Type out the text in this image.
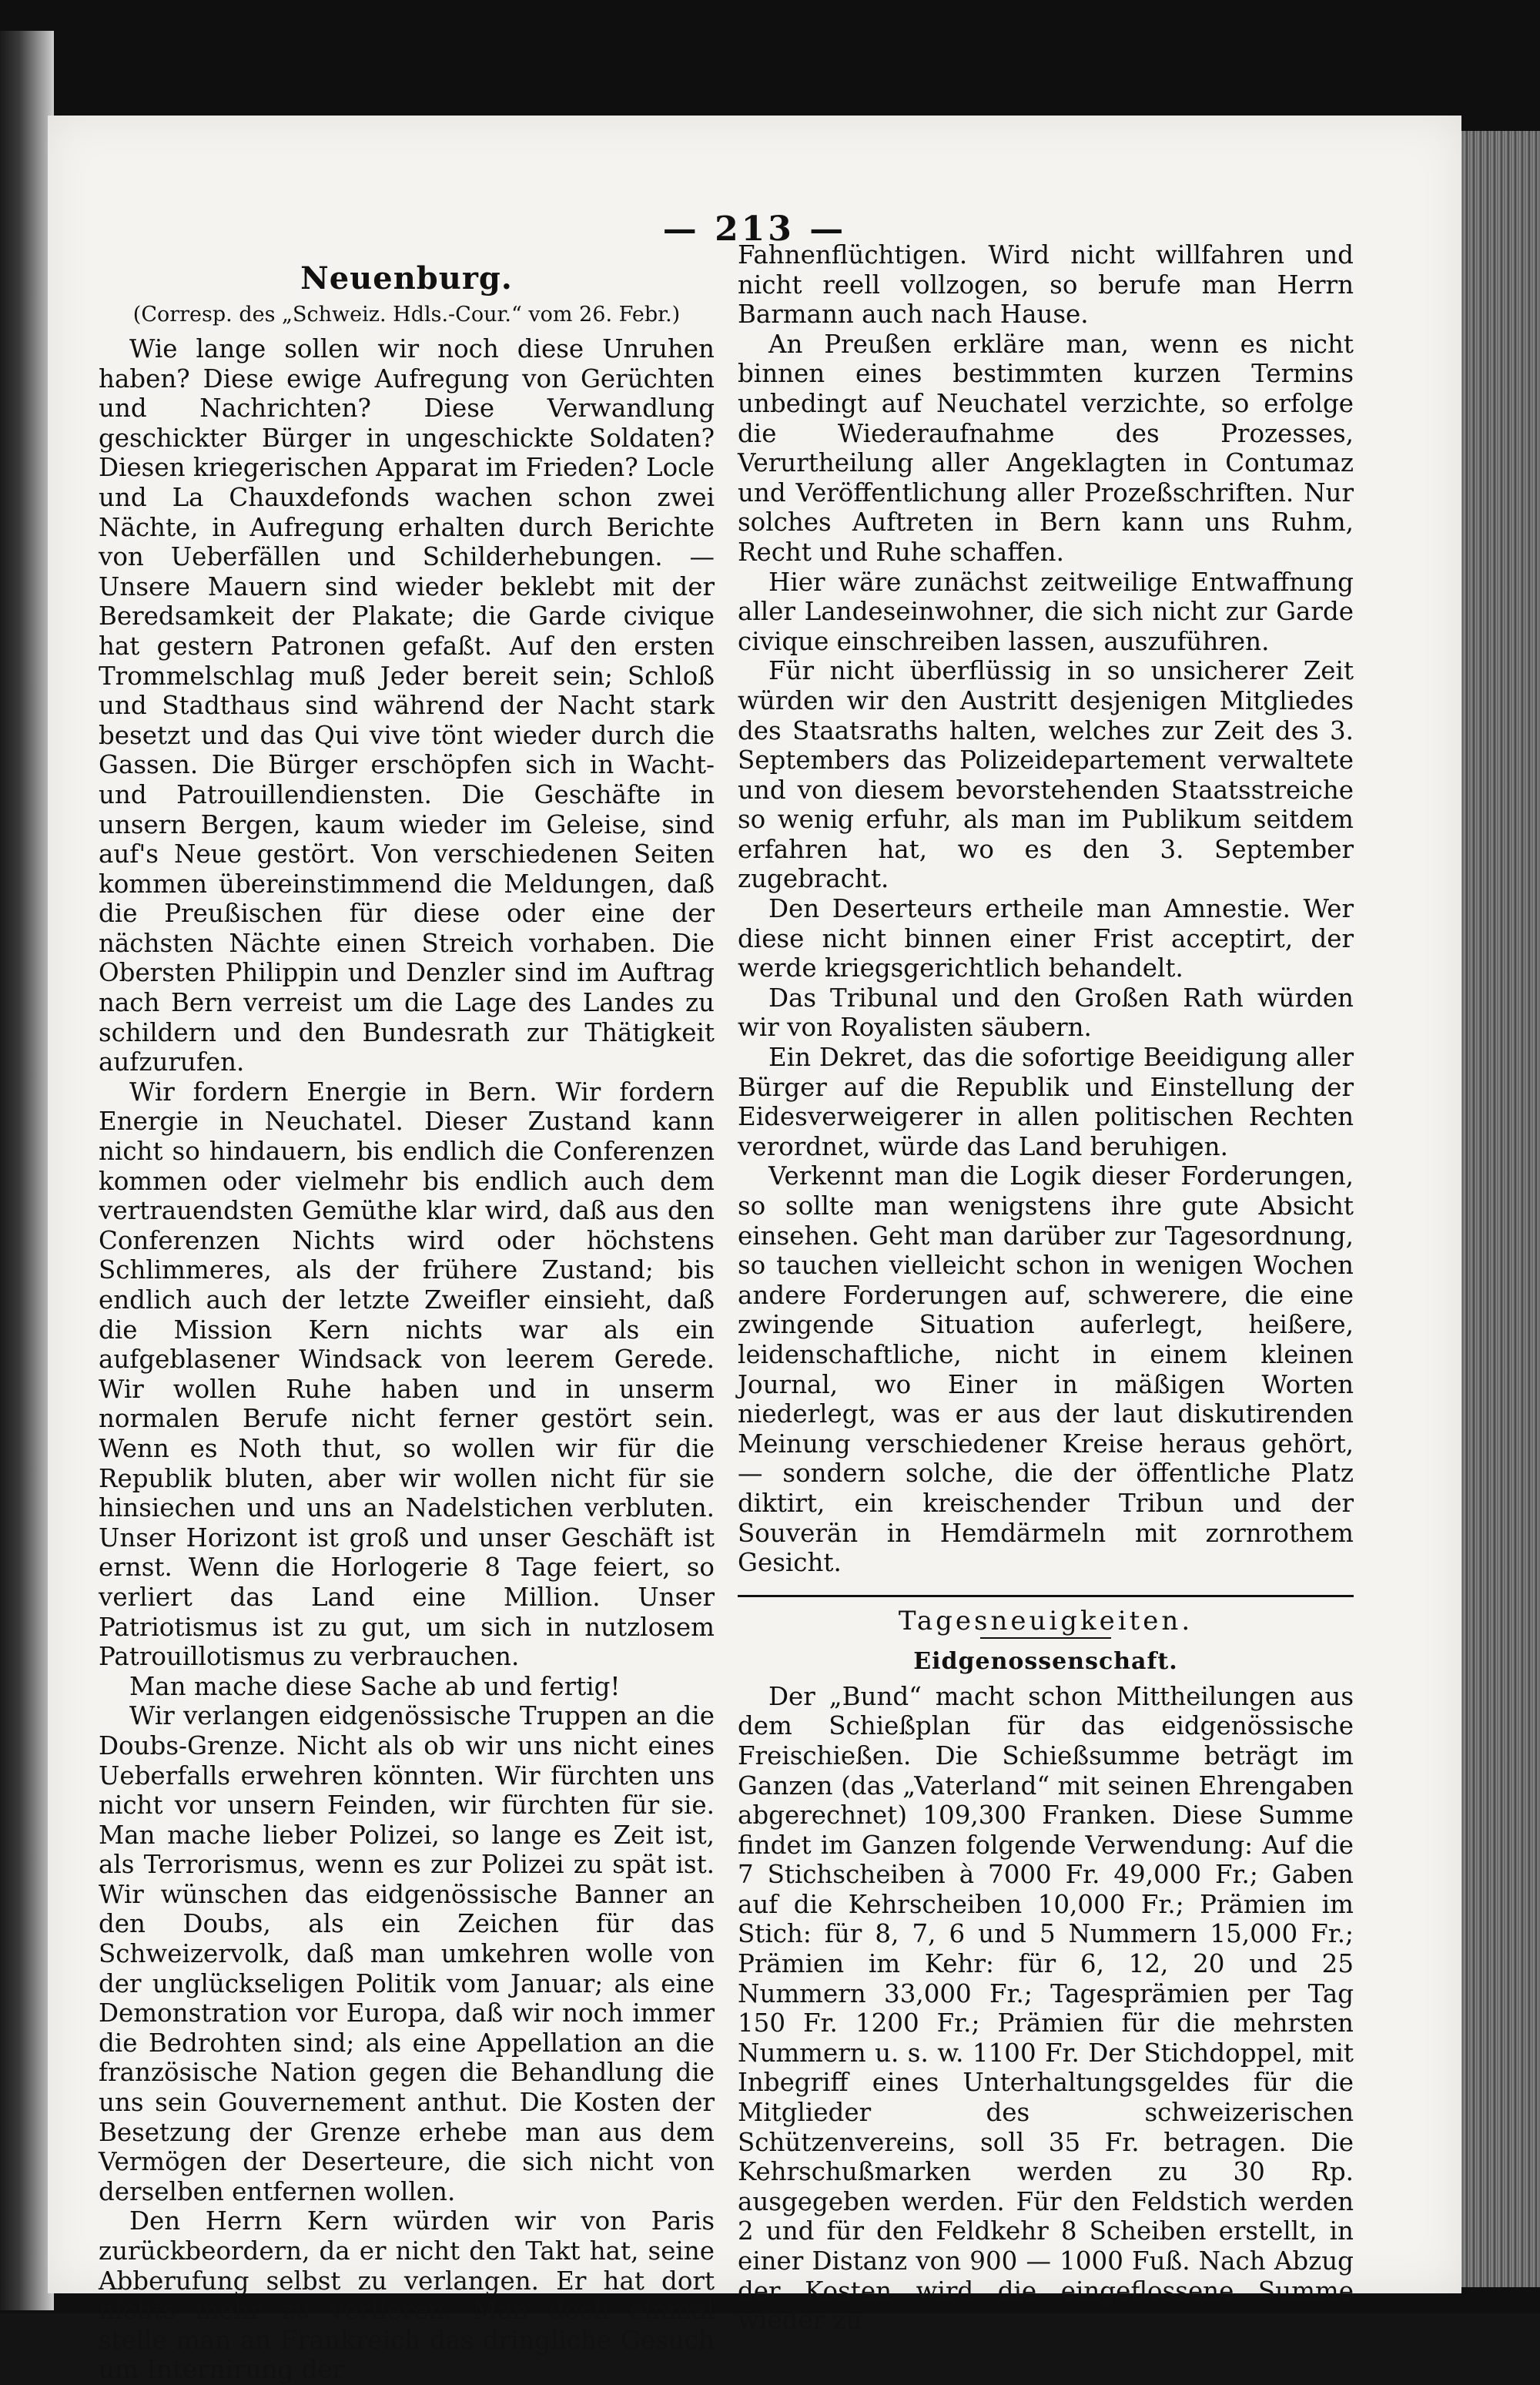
— 213 —
Neuenburg.
(Corresp. des „Schweiz. Hdls.-Cour.“ vom 26. Febr.)

Wie lange sollen wir noch diese Unruhen haben? Diese ewige Aufregung von Gerüchten und Nachrichten? Diese Verwandlung geschickter Bürger in ungeschickte Soldaten? Diesen kriegerischen Apparat im Frieden? Locle und La Chauxdefonds wachen schon zwei Nächte, in Aufregung erhalten durch Berichte von Ueberfällen und Schilderhebungen. — Unsere Mauern sind wieder beklebt mit der Beredsamkeit der Plakate; die Garde civique hat gestern Patronen gefaßt. Auf den ersten Trommelschlag muß Jeder bereit sein; Schloß und Stadthaus sind während der Nacht stark besetzt und das Qui vive tönt wieder durch die Gassen. Die Bürger erschöpfen sich in Wacht- und Patrouillendiensten. Die Geschäfte in unsern Bergen, kaum wieder im Geleise, sind auf's Neue gestört. Von verschiedenen Seiten kommen übereinstimmend die Meldungen, daß die Preußischen für diese oder eine der nächsten Nächte einen Streich vorhaben. Die Obersten Philippin und Denzler sind im Auftrag nach Bern verreist um die Lage des Landes zu schildern und den Bundesrath zur Thätigkeit aufzurufen.

Wir fordern Energie in Bern. Wir fordern Energie in Neuchatel. Dieser Zustand kann nicht so hindauern, bis endlich die Conferenzen kommen oder vielmehr bis endlich auch dem vertrauendsten Gemüthe klar wird, daß aus den Conferenzen Nichts wird oder höchstens Schlimmeres, als der frühere Zustand; bis endlich auch der letzte Zweifler einsieht, daß die Mission Kern nichts war als ein aufgeblasener Windsack von leerem Gerede. Wir wollen Ruhe haben und in unserm normalen Berufe nicht ferner gestört sein. Wenn es Noth thut, so wollen wir für die Republik bluten, aber wir wollen nicht für sie hinsiechen und uns an Nadelstichen verbluten. Unser Horizont ist groß und unser Geschäft ist ernst. Wenn die Horlogerie 8 Tage feiert, so verliert das Land eine Million. Unser Patriotismus ist zu gut, um sich in nutzlosem Patrouillotismus zu verbrauchen.

Man mache diese Sache ab und fertig!

Wir verlangen eidgenössische Truppen an die Doubs-Grenze. Nicht als ob wir uns nicht eines Ueberfalls erwehren könnten. Wir fürchten uns nicht vor unsern Feinden, wir fürchten für sie. Man mache lieber Polizei, so lange es Zeit ist, als Terrorismus, wenn es zur Polizei zu spät ist. Wir wünschen das eidgenössische Banner an den Doubs, als ein Zeichen für das Schweizervolk, daß man umkehren wolle von der unglückseligen Politik vom Januar; als eine Demonstration vor Europa, daß wir noch immer die Bedrohten sind; als eine Appellation an die französische Nation gegen die Behandlung die uns sein Gouvernement anthut. Die Kosten der Besetzung der Grenze erhebe man aus dem Vermögen der Deserteure, die sich nicht von derselben entfernen wollen.

Den Herrn Kern würden wir von Paris zurückbeordern, da er nicht den Takt hat, seine Abberufung selbst zu verlangen. Er hat dort nichts mehr zu verlieren. Man doch einmal stelle man an Frankreich das dringliche Gesuch um Internirung der

Fahnenflüchtigen. Wird nicht willfahren und nicht reell vollzogen, so berufe man Herrn Barmann auch nach Hause.

An Preußen erkläre man, wenn es nicht binnen eines bestimmten kurzen Termins unbedingt auf Neuchatel verzichte, so erfolge die Wiederaufnahme des Prozesses, Verurtheilung aller Angeklagten in Contumaz und Veröffentlichung aller Prozeßschriften. Nur solches Auftreten in Bern kann uns Ruhm, Recht und Ruhe schaffen.

Hier wäre zunächst zeitweilige Entwaffnung aller Landeseinwohner, die sich nicht zur Garde civique einschreiben lassen, auszuführen.

Für nicht überflüssig in so unsicherer Zeit würden wir den Austritt desjenigen Mitgliedes des Staatsraths halten, welches zur Zeit des 3. Septembers das Polizeidepartement verwaltete und von diesem bevorstehenden Staatsstreiche so wenig erfuhr, als man im Publikum seitdem erfahren hat, wo es den 3. September zugebracht.

Den Deserteurs ertheile man Amnestie. Wer diese nicht binnen einer Frist acceptirt, der werde kriegsgerichtlich behandelt.

Das Tribunal und den Großen Rath würden wir von Royalisten säubern.

Ein Dekret, das die sofortige Beeidigung aller Bürger auf die Republik und Einstellung der Eidesverweigerer in allen politischen Rechten verordnet, würde das Land beruhigen.

Verkennt man die Logik dieser Forderungen, so sollte man wenigstens ihre gute Absicht einsehen. Geht man darüber zur Tagesordnung, so tauchen vielleicht schon in wenigen Wochen andere Forderungen auf, schwerere, die eine zwingende Situation auferlegt, heißere, leidenschaftliche, nicht in einem kleinen Journal, wo Einer in mäßigen Worten niederlegt, was er aus der laut diskutirenden Meinung verschiedener Kreise heraus gehört, — sondern solche, die der öffentliche Platz diktirt, ein kreischender Tribun und der Souverän in Hemdärmeln mit zornrothem Gesicht.

Tagesneuigkeiten.
Eidgenossenschaft.

Der „Bund“ macht schon Mittheilungen aus dem Schießplan für das eidgenössische Freischießen. Die Schießsumme beträgt im Ganzen (das „Vaterland“ mit seinen Ehrengaben abgerechnet) 109,300 Franken. Diese Summe findet im Ganzen folgende Verwendung: Auf die 7 Stichscheiben à 7000 Fr. 49,000 Fr.; Gaben auf die Kehrscheiben 10,000 Fr.; Prämien im Stich: für 8, 7, 6 und 5 Nummern 15,000 Fr.; Prämien im Kehr: für 6, 12, 20 und 25 Nummern 33,000 Fr.; Tagesprämien per Tag 150 Fr. 1200 Fr.; Prämien für die mehrsten Nummern u. s. w. 1100 Fr. Der Stichdoppel, mit Inbegriff eines Unterhaltungsgeldes für die Mitglieder des schweizerischen Schützenvereins, soll 35 Fr. betragen. Die Kehrschußmarken werden zu 30 Rp. ausgegeben werden. Für den Feldstich werden 2 und für den Feldkehr 8 Scheiben erstellt, in einer Distanz von 900 — 1000 Fuß. Nach Abzug der Kosten wird die eingeflossene Summe wieder zu
